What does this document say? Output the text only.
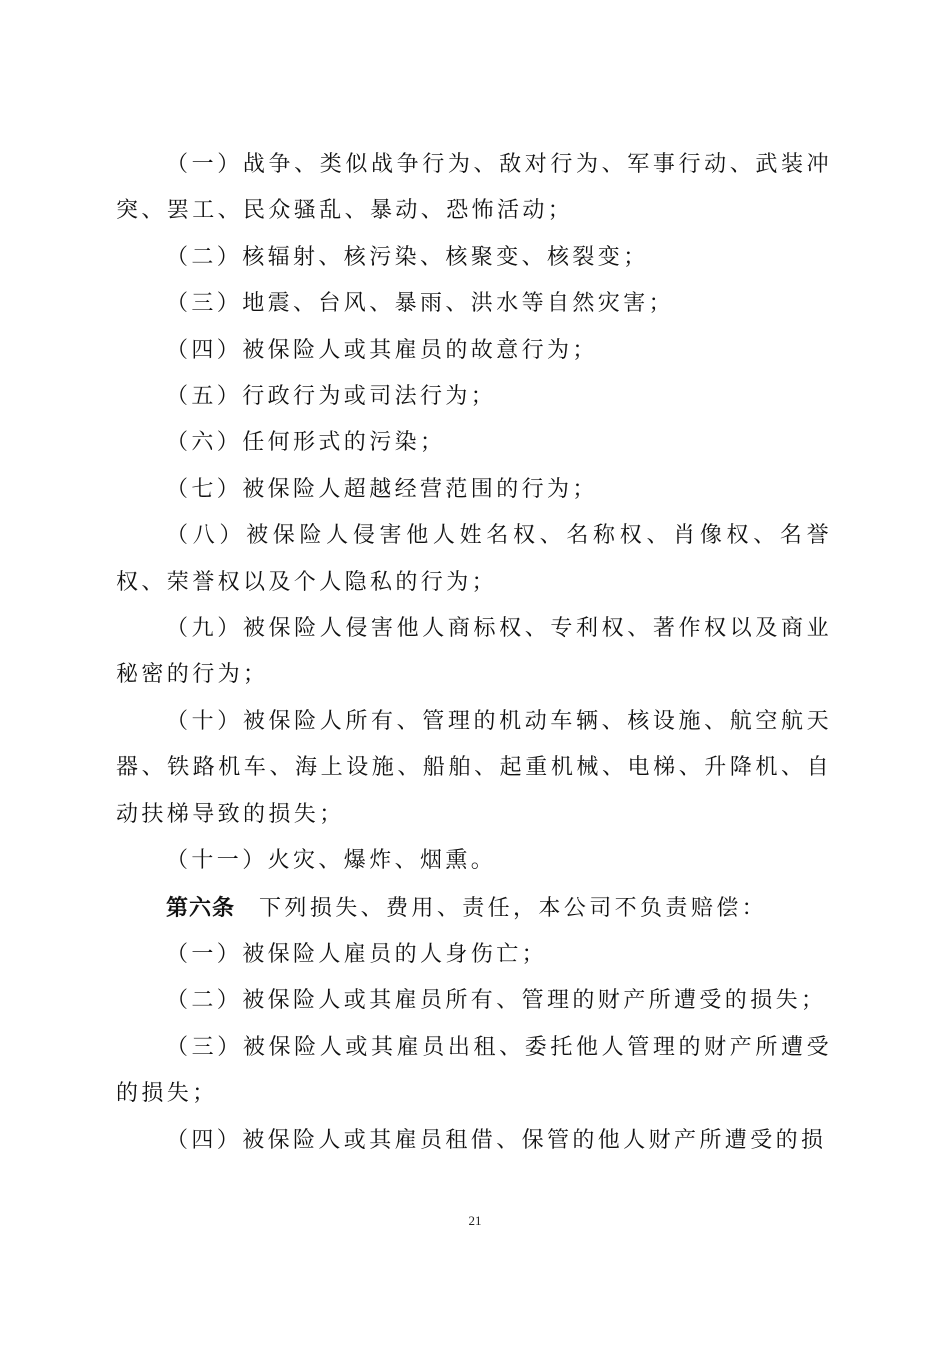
（一）战争、类似战争行为、敌对行为、军事行动、武装冲突、罢工、民众骚乱、暴动、恐怖活动；

（二）核辐射、核污染、核聚变、核裂变；

（三）地震、台风、暴雨、洪水等自然灾害；

（四）被保险人或其雇员的故意行为；

（五）行政行为或司法行为；

（六）任何形式的污染；

（七）被保险人超越经营范围的行为；

（八）被保险人侵害他人姓名权、名称权、肖像权、名誉权、荣誉权以及个人隐私的行为；

（九）被保险人侵害他人商标权、专利权、著作权以及商业秘密的行为；

（十）被保险人所有、管理的机动车辆、核设施、航空航天器、铁路机车、海上设施、船舶、起重机械、电梯、升降机、自动扶梯导致的损失；

（十一）火灾、爆炸、烟熏。

第六条 下列损失、费用、责任，本公司不负责赔偿：

（一）被保险人雇员的人身伤亡；

（二）被保险人或其雇员所有、管理的财产所遭受的损失；

（三）被保险人或其雇员出租、委托他人管理的财产所遭受的损失；

（四）被保险人或其雇员租借、保管的他人财产所遭受的损

21
